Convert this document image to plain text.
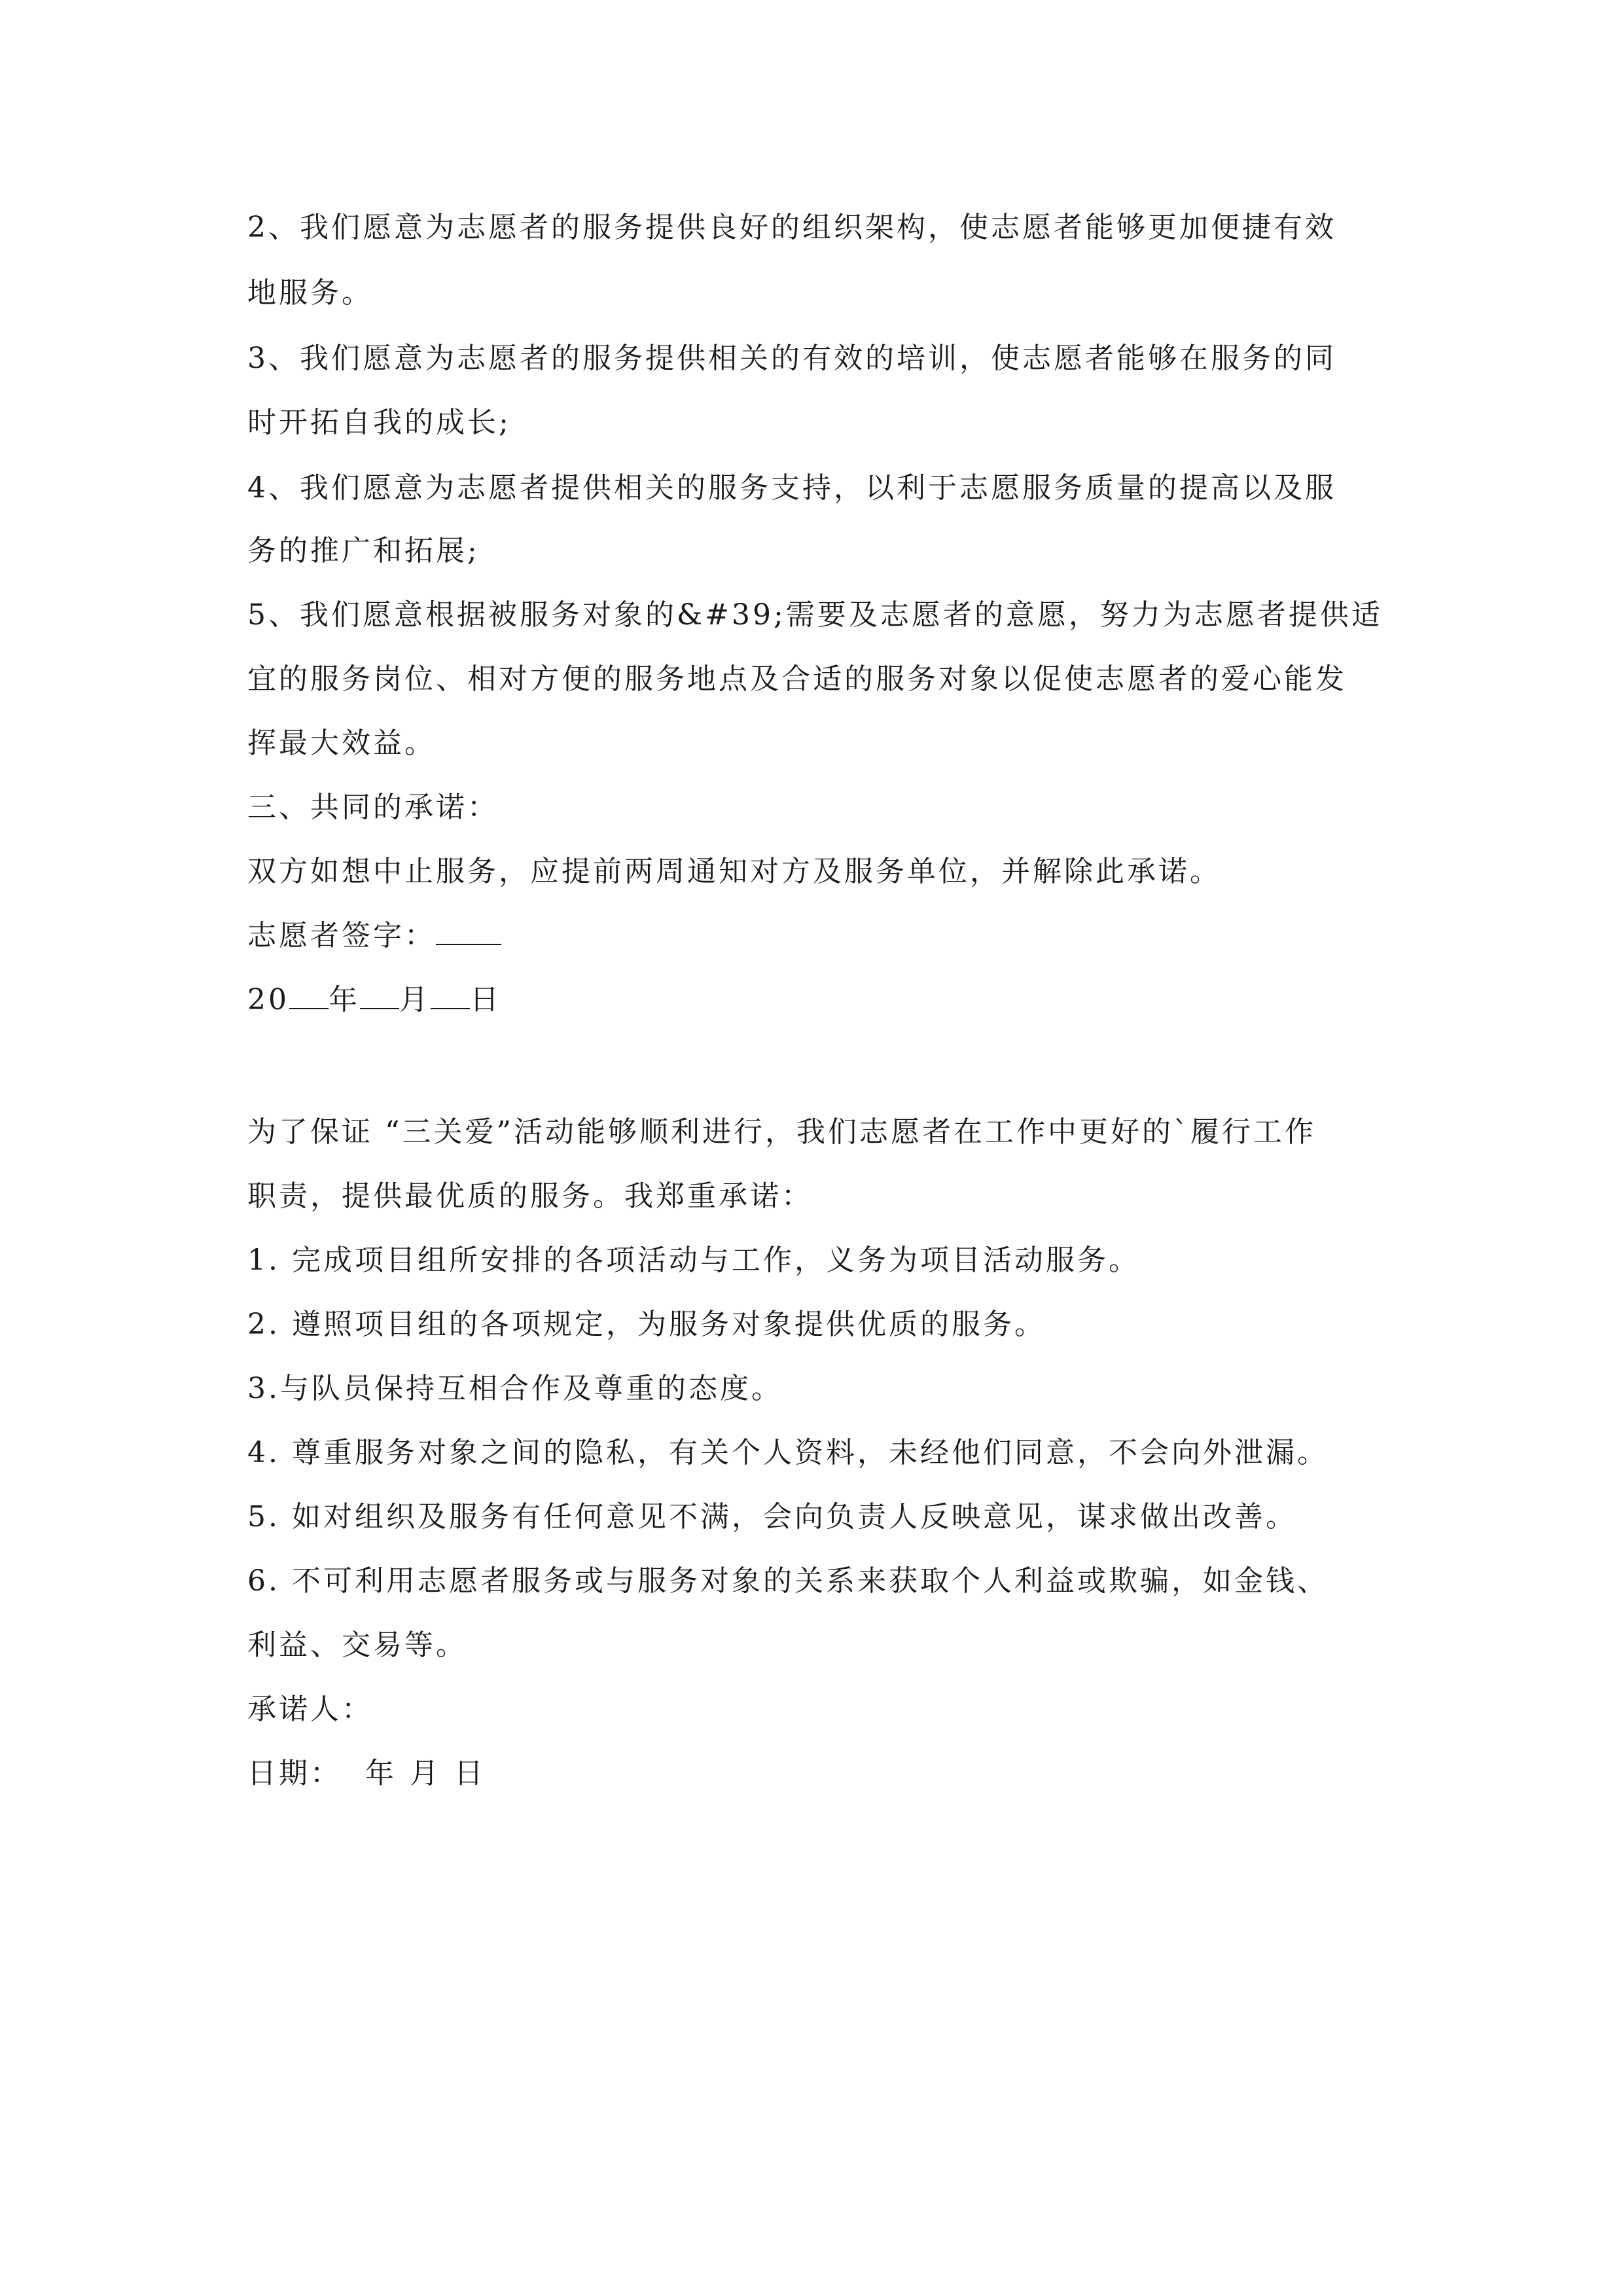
2、我们愿意为志愿者的服务提供良好的组织架构，使志愿者能够更加便捷有效
地服务。
3、我们愿意为志愿者的服务提供相关的有效的培训，使志愿者能够在服务的同
时开拓自我的成长;
4、我们愿意为志愿者提供相关的服务支持，以利于志愿服务质量的提高以及服
务的推广和拓展;
5、我们愿意根据被服务对象的&#39;需要及志愿者的意愿，努力为志愿者提供适
宜的服务岗位、相对方便的服务地点及合适的服务对象以促使志愿者的爱心能发
挥最大效益。
三、共同的承诺：
双方如想中止服务，应提前两周通知对方及服务单位，并解除此承诺。
志愿者签字：
20 年 月 日
为了保证 “三关爱”活动能够顺利进行，我们志愿者在工作中更好的`履行工作
职责，提供最优质的服务。我郑重承诺：
1. 完成项目组所安排的各项活动与工作，义务为项目活动服务。
2. 遵照项目组的各项规定，为服务对象提供优质的服务。
3.与队员保持互相合作及尊重的态度。
4. 尊重服务对象之间的隐私，有关个人资料，未经他们同意，不会向外泄漏。
5. 如对组织及服务有任何意见不满，会向负责人反映意见，谋求做出改善。
6. 不可利用志愿者服务或与服务对象的关系来获取个人利益或欺骗，如金钱、
利益、交易等。
承诺人：
日期： 年 月 日
